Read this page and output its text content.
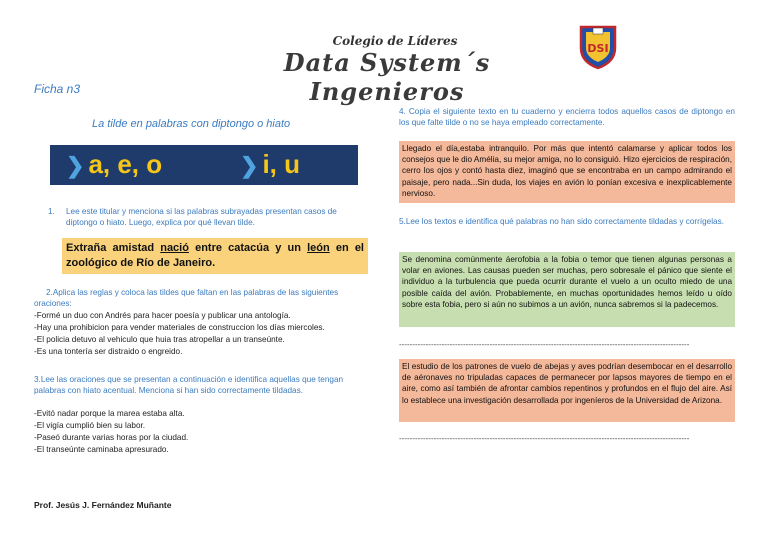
Colegio de Líderes
Data System´s Ingenieros
DSI
Ficha n3
La tilde en palabras con diptongo o hiato
❯ a, e, o	❯ i, u
1. Lee este titular y menciona si las palabras subrayadas presentan casos de diptongo o hiato. Luego, explica por qué llevan tilde.
Extraña amistad nació entre catacúa y un león en el zoológico de Río de Janeiro.
2.Aplica las reglas y coloca las tildes que faltan en las palabras de las siguientes oraciones:
-Formé un duo con Andrés para hacer poesía y publicar una antología.
-Hay una prohibicion para vender materiales de construccion los días miercoles.
-El policia detuvo al vehiculo que huia tras atropellar a un transeúnte.
-Es una tontería ser distraido o engreido.
3.Lee las oraciones que se presentan a continuación e identifica aquellas que tengan palabras con hiato acentual. Menciona si han sido correctamente tildadas.
-Evitó nadar porque la marea estaba alta.
-El vigía cumplió bien su labor.
-Paseó durante varias horas por la ciudad.
-El transeúnte caminaba apresurado.
Prof. Jesús J. Fernández Muñante
4. Copia el siguiente texto en tu cuaderno y encierra todos aquellos casos de diptongo en los que falte tilde o no se haya empleado correctamente.
Llegado el día,estaba intranquilo. Por más que intentó calamarse y aplicar todos los consejos que le dio Amélia, su mejor amiga, no lo consiguió. Hizo ejercicios de respiración, cerro los ojos y contó hasta diez, imaginó que se encontraba en un campo admirando el paisaje, pero nada...Sin duda, los viajes en avión lo ponían excesiva e inexplicablemente nervioso.
5.Lee los textos e identifica qué palabras no han sido correctamente tildadas y corrígelas.
Se denomina comúnmente áerofobia a la fobia o temor que tienen algunas personas a volar en aviones. Las causas pueden ser muchas, pero sobresale el pánico que siente el individuo a la turbulencia que pueda ocurrir durante el vuelo a un oculto miedo de una posible caída del avión. Probablemente, en muchas oportunidades hemos leído u oído sobre esta fobia, pero si aún no subimos a un avión, nunca sabremos si la padecemos.
-------------------------------------------------------------------------------------------------------------
El estudio de los patrones de vuelo de abejas y aves podrían desembocar en el desarrollo de aéronaves no tripuladas capaces de permanecer por lapsos mayores de tiempo en el aire, como así también de afrontar cambios repentinos y profundos en el flujo del aire. Así lo establece una investigación desarrollada por ingeníeros de la Universidad de Arizona.
-------------------------------------------------------------------------------------------------------------
